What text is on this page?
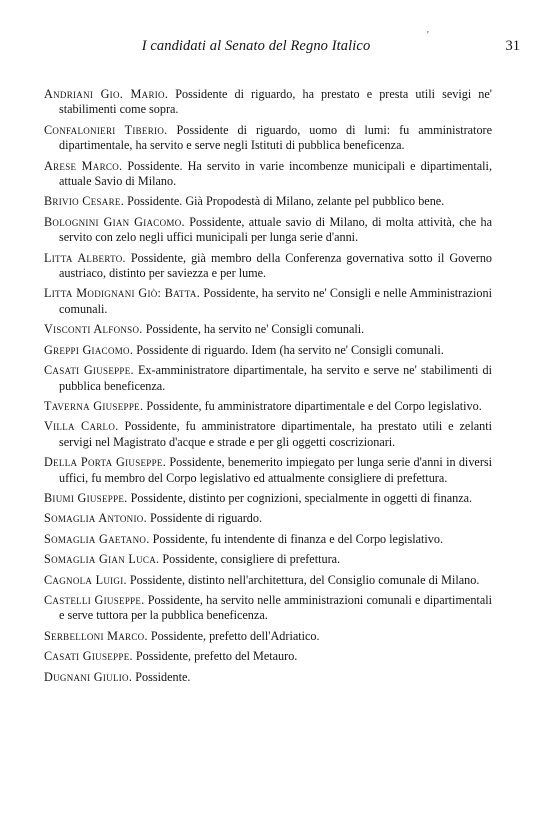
'
I candidati al Senato del Regno Italico	31

Andriani Gio. Mario. Possidente di riguardo, ha prestato e presta utili sevigi ne' stabilimenti come sopra.

Confalonieri Tiberio. Possidente di riguardo, uomo di lumi: fu amministratore dipartimentale, ha servito e serve negli Istituti di pubblica beneficenza.

Arese Marco. Possidente. Ha servito in varie incombenze municipali e dipartimentali, attuale Savio di Milano.

Brivio Cesare. Possidente. Già Propodestà di Milano, zelante pel pubblico bene.

Bolognini Gian Giacomo. Possidente, attuale savio di Milano, di molta attività, che ha servito con zelo negli uffici municipali per lunga serie d'anni.

Litta Alberto. Possidente, già membro della Conferenza governativa sotto il Governo austriaco, distinto per saviezza e per lume.

Litta Modignani Giò: Batta. Possidente, ha servito ne' Consigli e nelle Amministrazioni comunali.

Visconti Alfonso. Possidente, ha servito ne' Consigli comunali.

Greppi Giacomo. Possidente di riguardo. Idem (ha servito ne' Consigli comunali.

Casati Giuseppe. Ex-amministratore dipartimentale, ha servito e serve ne' stabilimenti di pubblica beneficenza.

Taverna Giuseppe. Possidente, fu amministratore dipartimentale e del Corpo legislativo.

Villa Carlo. Possidente, fu amministratore dipartimentale, ha prestato utili e zelanti servigi nel Magistrato d'acque e strade e per gli oggetti coscrizionari.

Della Porta Giuseppe. Possidente, benemerito impiegato per lunga serie d'anni in diversi uffici, fu membro del Corpo legislativo ed attualmente consigliere di prefettura.

Biumi Giuseppe. Possidente, distinto per cognizioni, specialmente in oggetti di finanza.

Somaglia Antonio. Possidente di riguardo.

Somaglia Gaetano. Possidente, fu intendente di finanza e del Corpo legislativo.

Somaglia Gian Luca. Possidente, consigliere di prefettura.

Cagnola Luigi. Possidente, distinto nell'architettura, del Consiglio comunale di Milano.

Castelli Giuseppe. Possidente, ha servito nelle amministrazioni comunali e dipartimentali e serve tuttora per la pubblica beneficenza.

Serbelloni Marco. Possidente, prefetto dell'Adriatico.

Casati Giuseppe. Possidente, prefetto del Metauro.

Dugnani Giulio. Possidente.
